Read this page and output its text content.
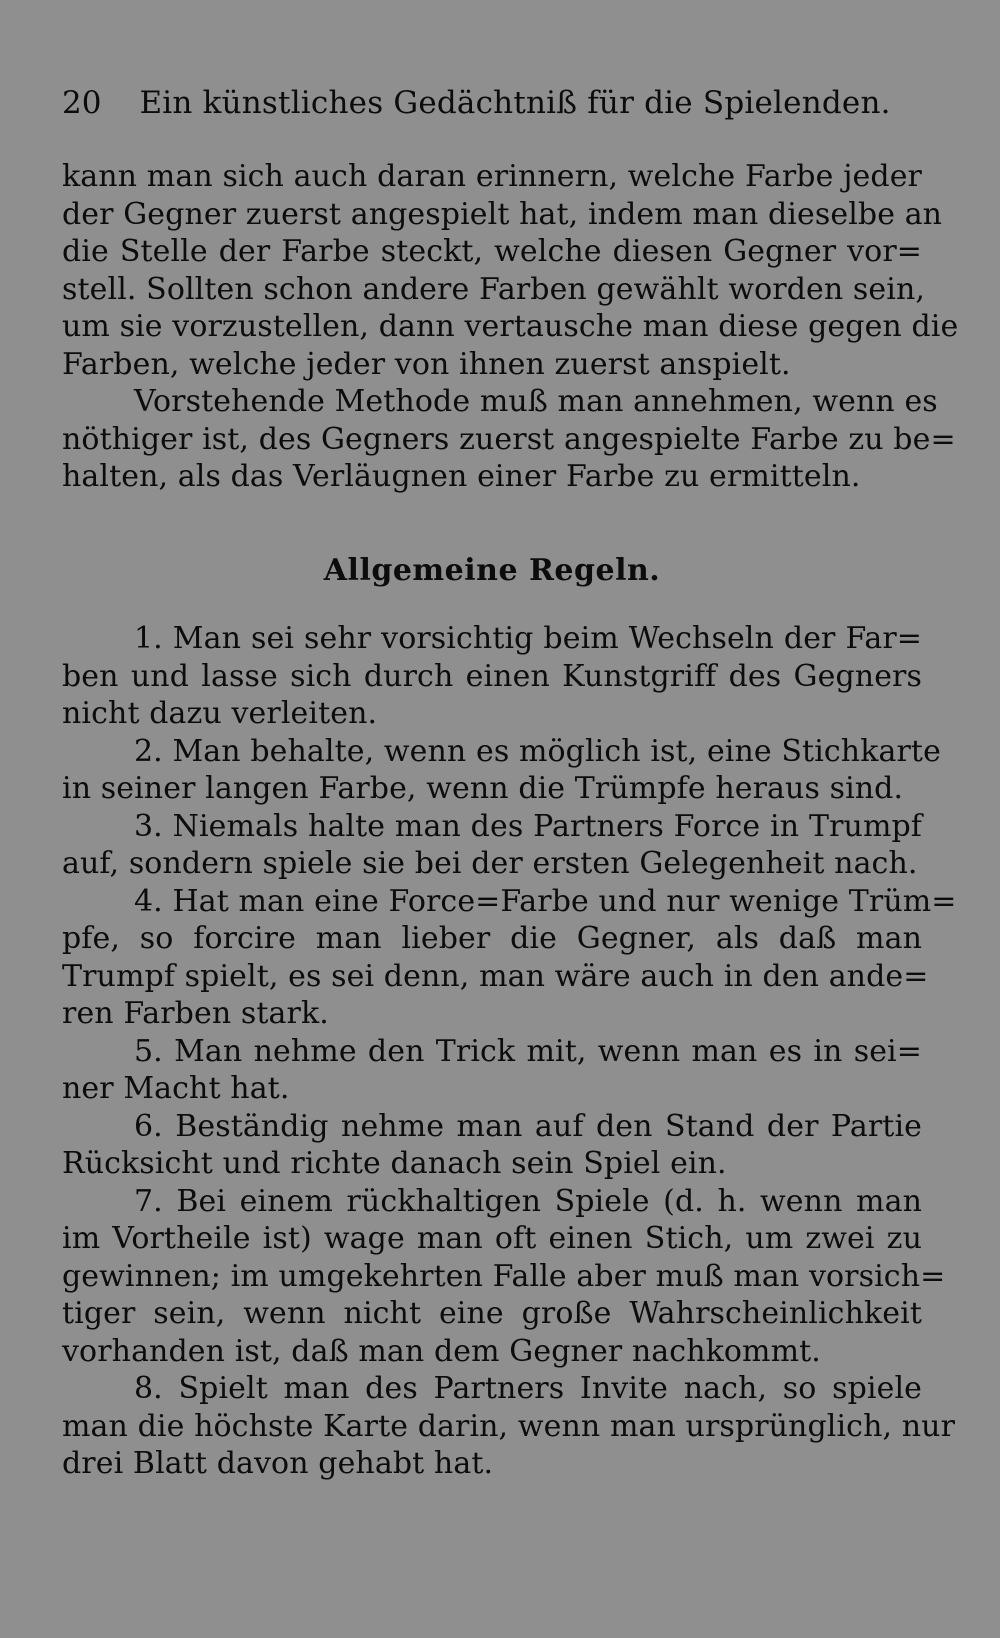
20 Ein künstliches Gedächtniß für die Spielenden.
kann man sich auch daran erinnern, welche Farbe jeder
der Gegner zuerst angespielt hat, indem man dieselbe an
die Stelle der Farbe steckt, welche diesen Gegner vor=
stell. Sollten schon andere Farben gewählt worden sein,
um sie vorzustellen, dann vertausche man diese gegen die
Farben, welche jeder von ihnen zuerst anspielt.
Vorstehende Methode muß man annehmen, wenn es
nöthiger ist, des Gegners zuerst angespielte Farbe zu be=
halten, als das Verläugnen einer Farbe zu ermitteln.
Allgemeine Regeln.
1. Man sei sehr vorsichtig beim Wechseln der Far=
ben und lasse sich durch einen Kunstgriff des Gegners
nicht dazu verleiten.
2. Man behalte, wenn es möglich ist, eine Stichkarte
in seiner langen Farbe, wenn die Trümpfe heraus sind.
3. Niemals halte man des Partners Force in Trumpf
auf, sondern spiele sie bei der ersten Gelegenheit nach.
4. Hat man eine Force=Farbe und nur wenige Trüm=
pfe, so forcire man lieber die Gegner, als daß man
Trumpf spielt, es sei denn, man wäre auch in den ande=
ren Farben stark.
5. Man nehme den Trick mit, wenn man es in sei=
ner Macht hat.
6. Beständig nehme man auf den Stand der Partie
Rücksicht und richte danach sein Spiel ein.
7. Bei einem rückhaltigen Spiele (d. h. wenn man
im Vortheile ist) wage man oft einen Stich, um zwei zu
gewinnen; im umgekehrten Falle aber muß man vorsich=
tiger sein, wenn nicht eine große Wahrscheinlichkeit
vorhanden ist, daß man dem Gegner nachkommt.
8. Spielt man des Partners Invite nach, so spiele
man die höchste Karte darin, wenn man ursprünglich, nur
drei Blatt davon gehabt hat.
